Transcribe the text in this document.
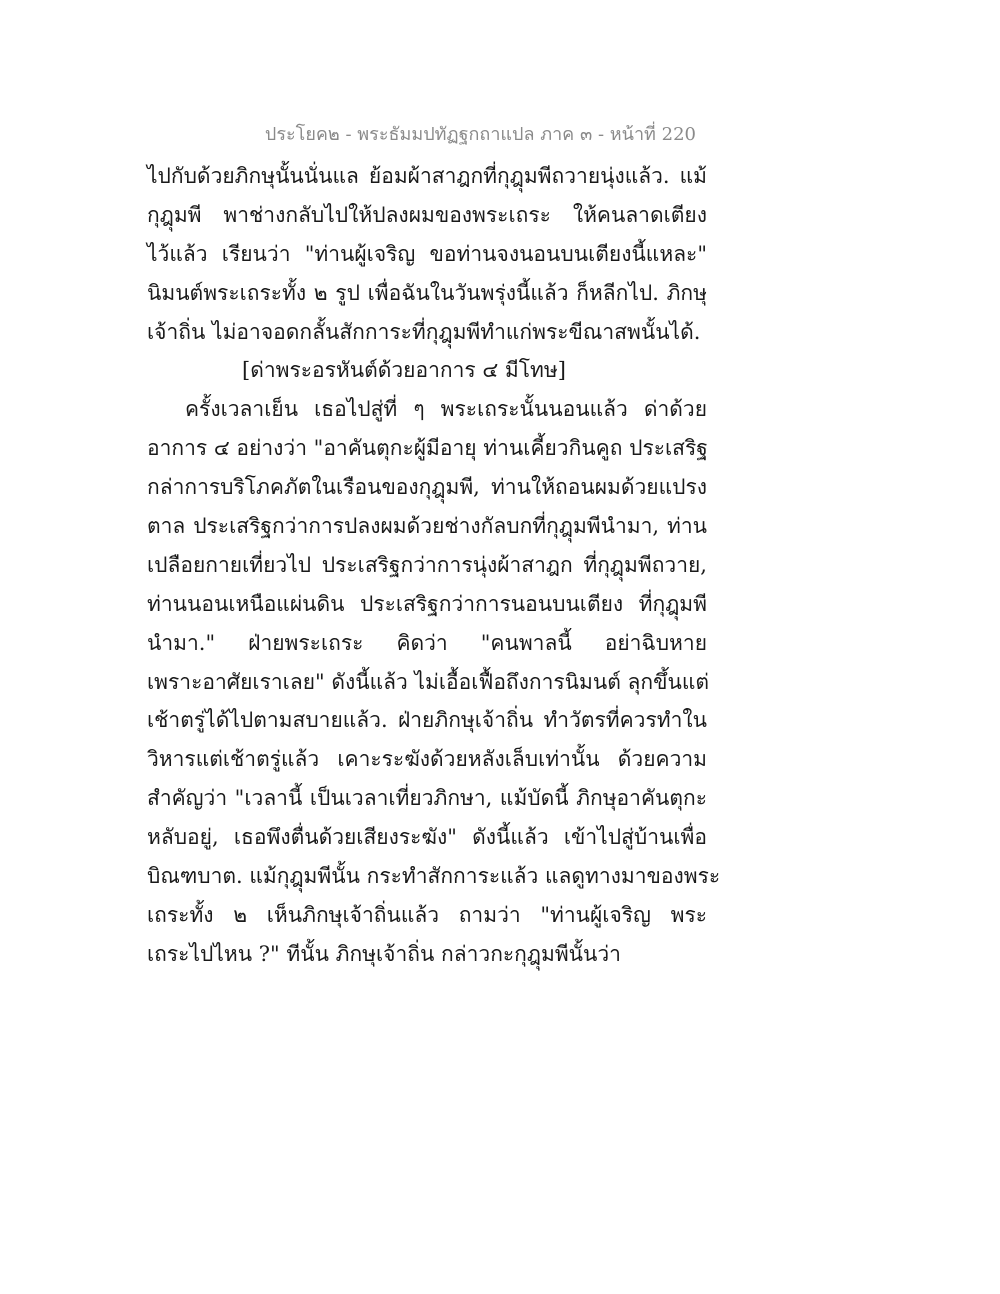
ประโยค๒ - พระธัมมปทัฏฐกถาแปล ภาค ๓ - หน้าที่ 220
ไปกับด้วยภิกษุนั้นนั่นแล ย้อมผ้าสาฎกที่กุฎุมพีถวายนุ่งแล้ว. แม้
กุฎุมพี พาช่างกลับไปให้ปลงผมของพระเถระ ให้คนลาดเตียง
ไว้แล้ว เรียนว่า "ท่านผู้เจริญ ขอท่านจงนอนบนเตียงนี้แหละ"
นิมนต์พระเถระทั้ง ๒ รูป เพื่อฉันในวันพรุ่งนี้แล้ว ก็หลีกไป. ภิกษุ
เจ้าถิ่น ไม่อาจอดกลั้นสักการะที่กุฎุมพีทำแก่พระขีณาสพนั้นได้.
[ด่าพระอรหันต์ด้วยอาการ ๔ มีโทษ]
ครั้งเวลาเย็น เธอไปสู่ที่ ๆ พระเถระนั้นนอนแล้ว ด่าด้วย
อาการ ๔ อย่างว่า "อาคันตุกะผู้มีอายุ ท่านเคี้ยวกินคูถ ประเสริฐ
กล่าการบริโภคภัตในเรือนของกุฎุมพี, ท่านให้ถอนผมด้วยแปรง
ตาล ประเสริฐกว่าการปลงผมด้วยช่างกัลบกที่กุฎุมพีนำมา, ท่าน
เปลือยกายเที่ยวไป ประเสริฐกว่าการนุ่งผ้าสาฎก ที่กุฎุมพีถวาย,
ท่านนอนเหนือแผ่นดิน ประเสริฐกว่าการนอนบนเตียง ที่กุฎุมพี
นำมา." ฝ่ายพระเถระ คิดว่า "คนพาลนี้ อย่าฉิบหาย
เพราะอาศัยเราเลย" ดังนี้แล้ว ไม่เอื้อเฟื้อถึงการนิมนต์ ลุกขึ้นแต่
เช้าตรู่ได้ไปตามสบายแล้ว. ฝ่ายภิกษุเจ้าถิ่น ทำวัตรที่ควรทำใน
วิหารแต่เช้าตรู่แล้ว เคาะระฆังด้วยหลังเล็บเท่านั้น ด้วยความ
สำคัญว่า "เวลานี้ เป็นเวลาเที่ยวภิกษา, แม้บัดนี้ ภิกษุอาคันตุกะ
หลับอยู่, เธอพึงตื่นด้วยเสียงระฆัง" ดังนี้แล้ว เข้าไปสู่บ้านเพื่อ
บิณฑบาต. แม้กุฎุมพีนั้น กระทำสักการะแล้ว แลดูทางมาของพระ
เถระทั้ง ๒ เห็นภิกษุเจ้าถิ่นแล้ว ถามว่า "ท่านผู้เจริญ พระ
เถระไปไหน ?" ทีนั้น ภิกษุเจ้าถิ่น กล่าวกะกุฎุมพีนั้นว่า
